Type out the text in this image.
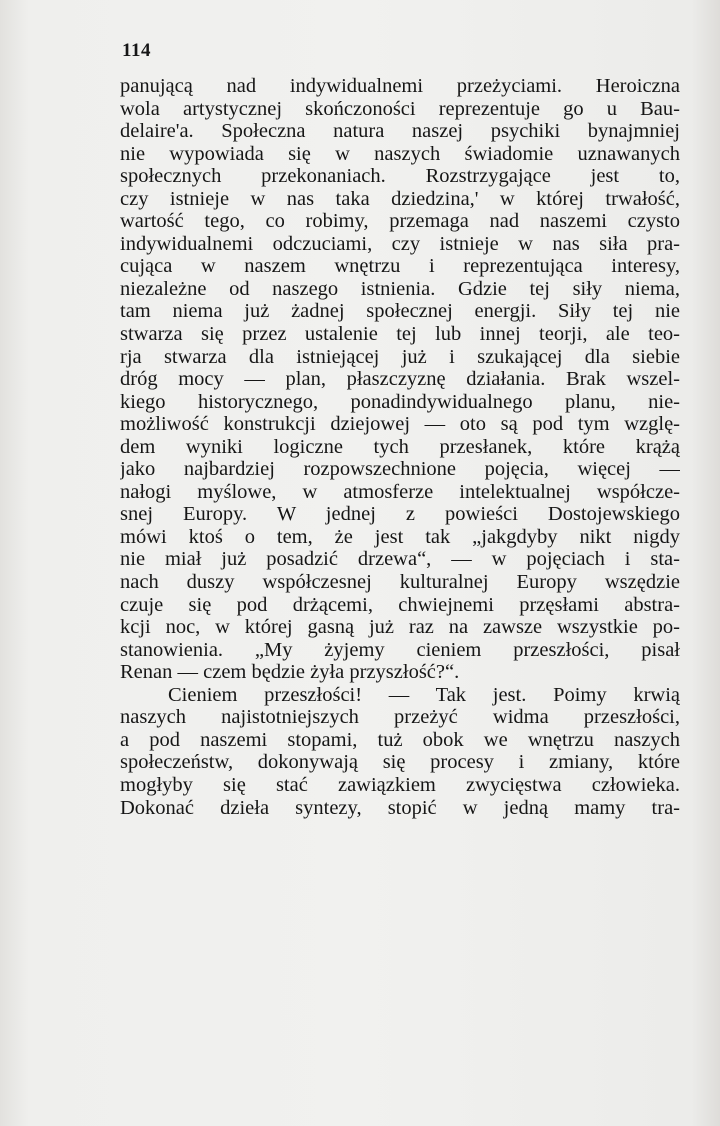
114
panującą nad indywidualnemi przeżyciami. Heroiczna
wola artystycznej skończoności reprezentuje go u Bau-
delaire'a. Społeczna natura naszej psychiki bynajmniej
nie wypowiada się w naszych świadomie uznawanych
społecznych przekonaniach. Rozstrzygające jest to,
czy istnieje w nas taka dziedzina,' w której trwałość,
wartość tego, co robimy, przemaga nad naszemi czysto
indywidualnemi odczuciami, czy istnieje w nas siła pra-
cująca w naszem wnętrzu i reprezentująca interesy,
niezależne od naszego istnienia. Gdzie tej siły niema,
tam niema już żadnej społecznej energji. Siły tej nie
stwarza się przez ustalenie tej lub innej teorji, ale teo-
rja stwarza dla istniejącej już i szukającej dla siebie
dróg mocy — plan, płaszczyznę działania. Brak wszel-
kiego historycznego, ponadindywidualnego planu, nie-
możliwość konstrukcji dziejowej — oto są pod tym wzglę-
dem wyniki logiczne tych przesłanek, które krążą
jako najbardziej rozpowszechnione pojęcia, więcej —
nałogi myślowe, w atmosferze intelektualnej współcze-
snej Europy. W jednej z powieści Dostojewskiego
mówi ktoś o tem, że jest tak „jakgdyby nikt nigdy
nie miał już posadzić drzewa“, — w pojęciach i sta-
nach duszy współczesnej kulturalnej Europy wszędzie
czuje się pod drżącemi, chwiejnemi przęsłami abstra-
kcji noc, w której gasną już raz na zawsze wszystkie po-
stanowienia. „My żyjemy cieniem przeszłości, pisał
Renan — czem będzie żyła przyszłość?“.
Cieniem przeszłości! — Tak jest. Poimy krwią
naszych najistotniejszych przeżyć widma przeszłości,
a pod naszemi stopami, tuż obok we wnętrzu naszych
społeczeństw, dokonywają się procesy i zmiany, które
mogłyby się stać zawiązkiem zwycięstwa człowieka.
Dokonać dzieła syntezy, stopić w jedną mamy tra-
